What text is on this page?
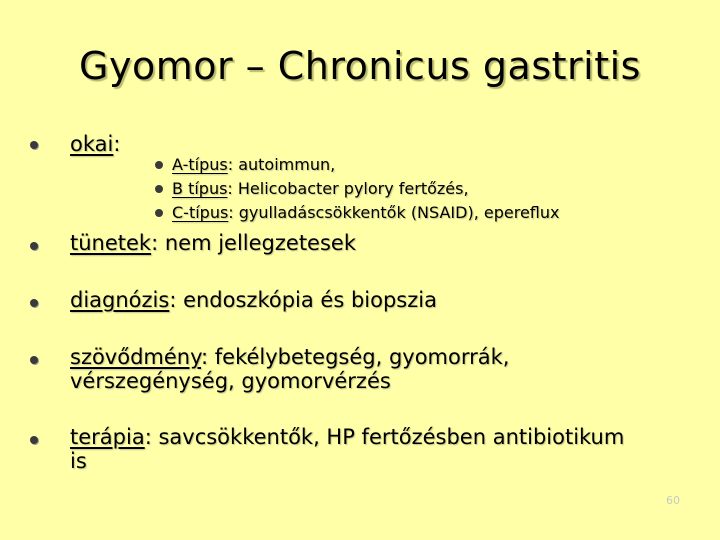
Gyomor – Chronicus gastritis
okai:
A-típus: autoimmun,
B típus: Helicobacter pylory fertőzés,
C-típus: gyulladáscsökkentők (NSAID), epereflux
tünetek: nem jellegzetesek
diagnózis: endoszkópia és biopszia
szövődmény: fekélybetegség, gyomorrák,
vérszegénység, gyomorvérzés
terápia: savcsökkentők, HP fertőzésben antibiotikum
is
60
